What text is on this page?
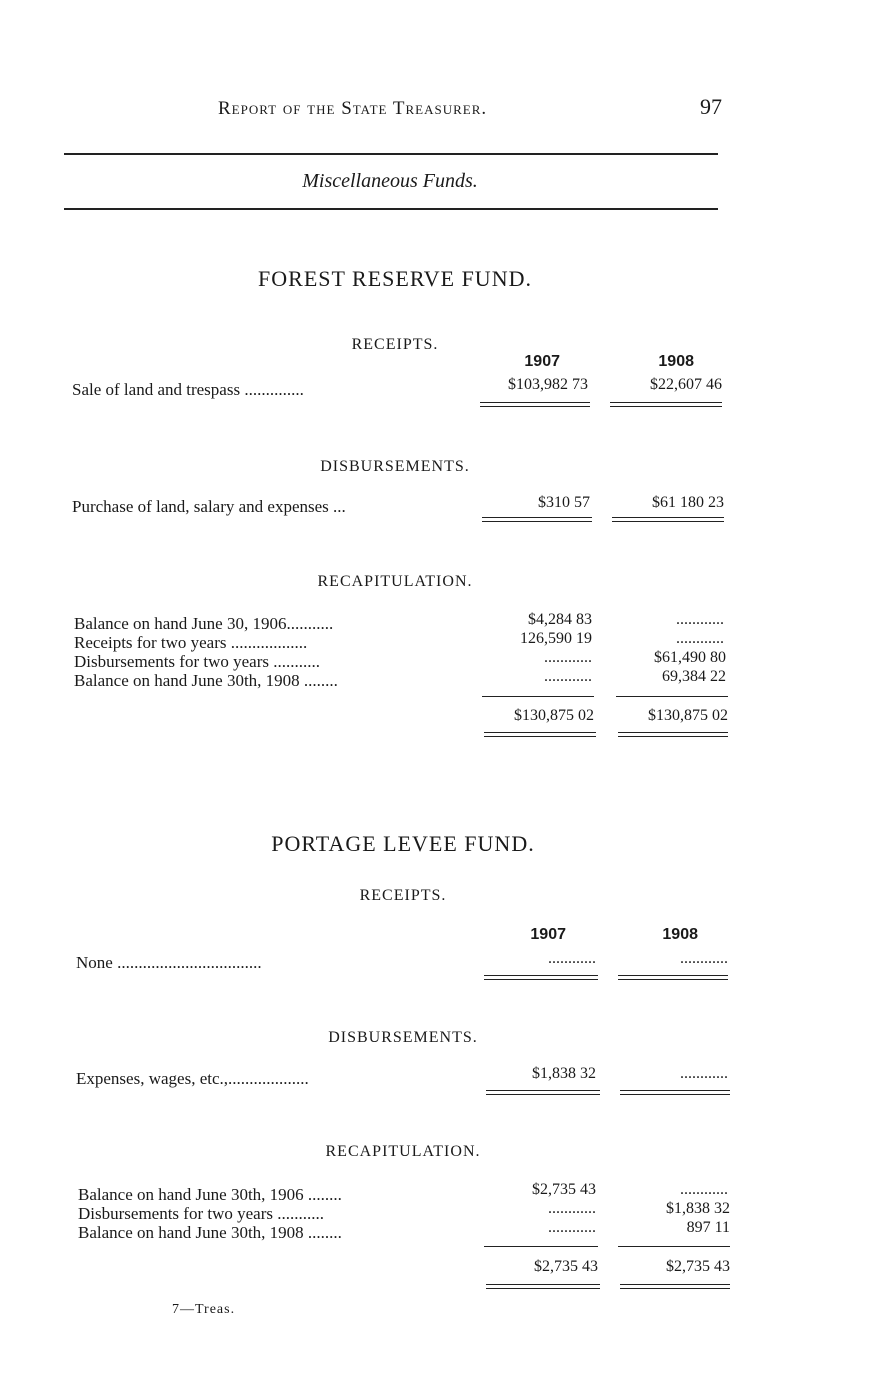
Report of the State Treasurer.	97
Miscellaneous Funds.
FOREST RESERVE FUND.
RECEIPTS.
1907	1908
Sale of land and trespass ..............	$103,982 73	$22,607 46
DISBURSEMENTS.
Purchase of land, salary and expenses ...	$310 57	$61 180 23
RECAPITULATION.
Balance on hand June 30, 1906...........	$4,284 83	............
Receipts for two years ..................	126,590 19	............
Disbursements for two years ...........	............	$61,490 80
Balance on hand June 30th, 1908 ........	............	69,384 22
$130,875 02	$130,875 02
PORTAGE LEVEE FUND.
RECEIPTS.
1907	1908
None ..................................	............	............
DISBURSEMENTS.
Expenses, wages, etc.,...................	$1,838 32	............
RECAPITULATION.
Balance on hand June 30th, 1906 ........	$2,735 43	............
Disbursements for two years ...........	............	$1,838 32
Balance on hand June 30th, 1908 ........	............	897 11
$2,735 43	$2,735 43
7—Treas.
